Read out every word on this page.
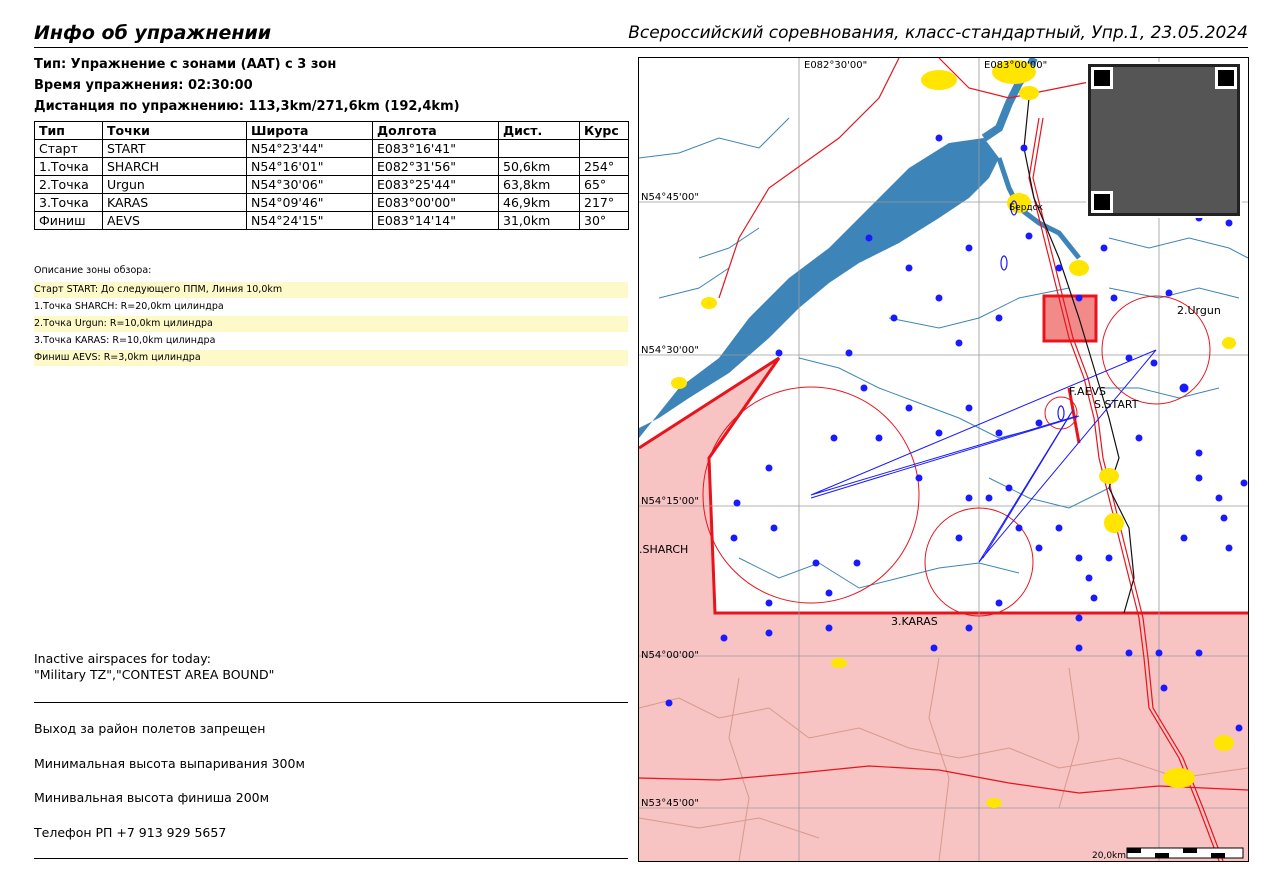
Инфо об упражнении	Всероссийский соревнования, класс-стандартный, Упр.1, 23.05.2024
Тип: Упражнение с зонами (AAT) с 3 зон
Время упражнения: 02:30:00
Дистанция по упражнению: 113,3km/271,6km (192,4km)
Тип	Точки	Широта	Долгота	Дист.	Курс
Старт	START	N54°23'44"	E083°16'41"		
1.Точка	SHARCH	N54°16'01"	E082°31'56"	50,6km	254°
2.Точка	Urgun	N54°30'06"	E083°25'44"	63,8km	65°
3.Точка	KARAS	N54°09'46"	E083°00'00"	46,9km	217°
Финиш	AEVS	N54°24'15"	E083°14'14"	31,0km	30°
Описание зоны обзора:
Старт START: До следующего ППМ, Линия 10,0km
1.Точка SHARCH: R=20,0km цилиндра
2.Точка Urgun: R=10,0km цилиндра
3.Точка KARAS: R=10,0km цилиндра
Финиш AEVS: R=3,0km цилиндра
Inactive airspaces for today:
"Military TZ","CONTEST AREA BOUND"
Выход за район полетов запрещен
Минимальная высота выпаривания 300м
Минивальная высота финиша 200м
Телефон РП +7 913 929 5657
E082°30'00"	E083°00'00"
N54°45'00"
N54°30'00"
N54°15'00"
N54°00'00"
N53°45'00"
Бердск
2.Urgun
F.AEVS
S.START
.SHARCH
3.KARAS
20,0km
